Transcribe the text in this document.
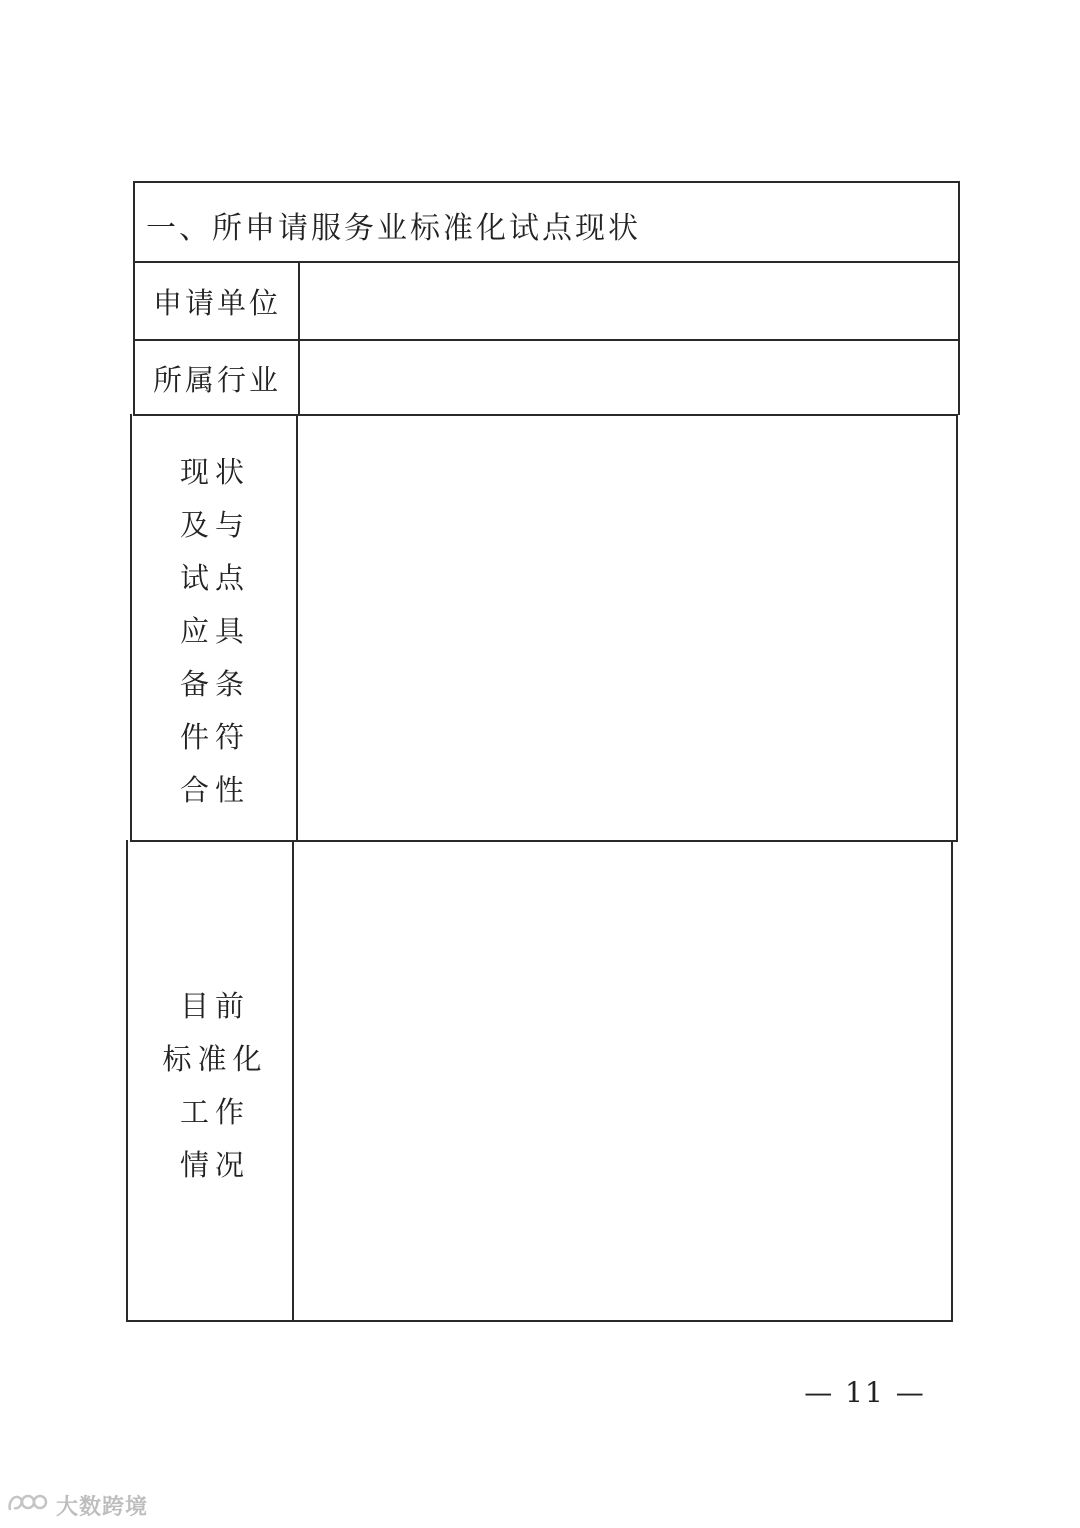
一、所申请服务业标准化试点现状
申请单位
所属行业
现状
及与
试点
应具
备条
件符
合性
目前
标准化
工作
情况
— 11 —
大数跨境
